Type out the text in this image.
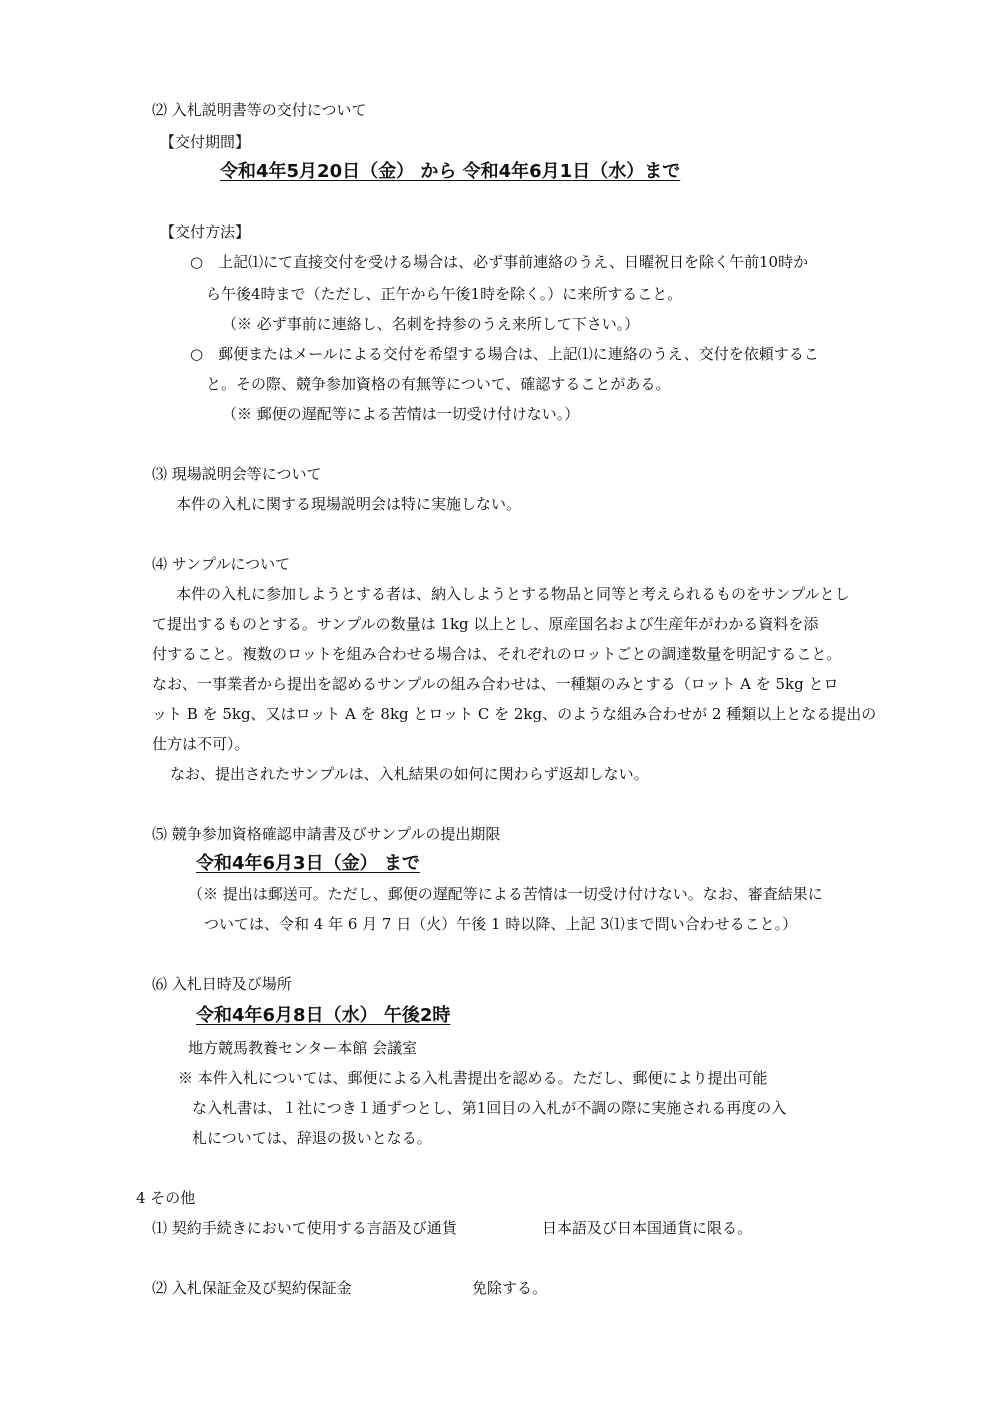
⑵ 入札説明書等の交付について
【交付期間】
令和4年5月20日（金） から 令和4年6月1日（水）まで
【交付方法】
○　上記⑴にて直接交付を受ける場合は、必ず事前連絡のうえ、日曜祝日を除く午前10時か
ら午後4時まで（ただし、正午から午後1時を除く。）に来所すること。
（※ 必ず事前に連絡し、名刺を持参のうえ来所して下さい。）
○　郵便またはメールによる交付を希望する場合は、上記⑴に連絡のうえ、交付を依頼するこ
と。その際、競争参加資格の有無等について、確認することがある。
（※ 郵便の遅配等による苦情は一切受け付けない。）
⑶ 現場説明会等について
本件の入札に関する現場説明会は特に実施しない。
⑷ サンプルについて
本件の入札に参加しようとする者は、納入しようとする物品と同等と考えられるものをサンプルとし
て提出するものとする。サンプルの数量は 1kg 以上とし、原産国名および生産年がわかる資料を添
付すること。複数のロットを組み合わせる場合は、それぞれのロットごとの調達数量を明記すること。
なお、一事業者から提出を認めるサンプルの組み合わせは、一種類のみとする（ロット A を 5kg とロ
ット B を 5kg、又はロット A を 8kg とロット C を 2kg、のような組み合わせが 2 種類以上となる提出の
仕方は不可）。
なお、提出されたサンプルは、入札結果の如何に関わらず返却しない。
⑸ 競争参加資格確認申請書及びサンプルの提出期限
令和4年6月3日（金） まで
（※ 提出は郵送可。ただし、郵便の遅配等による苦情は一切受け付けない。なお、審査結果に
ついては、令和 4 年 6 月 7 日（火）午後 1 時以降、上記 3⑴まで問い合わせること。）
⑹ 入札日時及び場所
令和4年6月8日（水） 午後2時
地方競馬教養センター本館 会議室
※ 本件入札については、郵便による入札書提出を認める。ただし、郵便により提出可能
な入札書は、１社につき１通ずつとし、第1回目の入札が不調の際に実施される再度の入
札については、辞退の扱いとなる。
4 その他
⑴ 契約手続きにおいて使用する言語及び通貨	日本語及び日本国通貨に限る。
⑵ 入札保証金及び契約保証金	免除する。
